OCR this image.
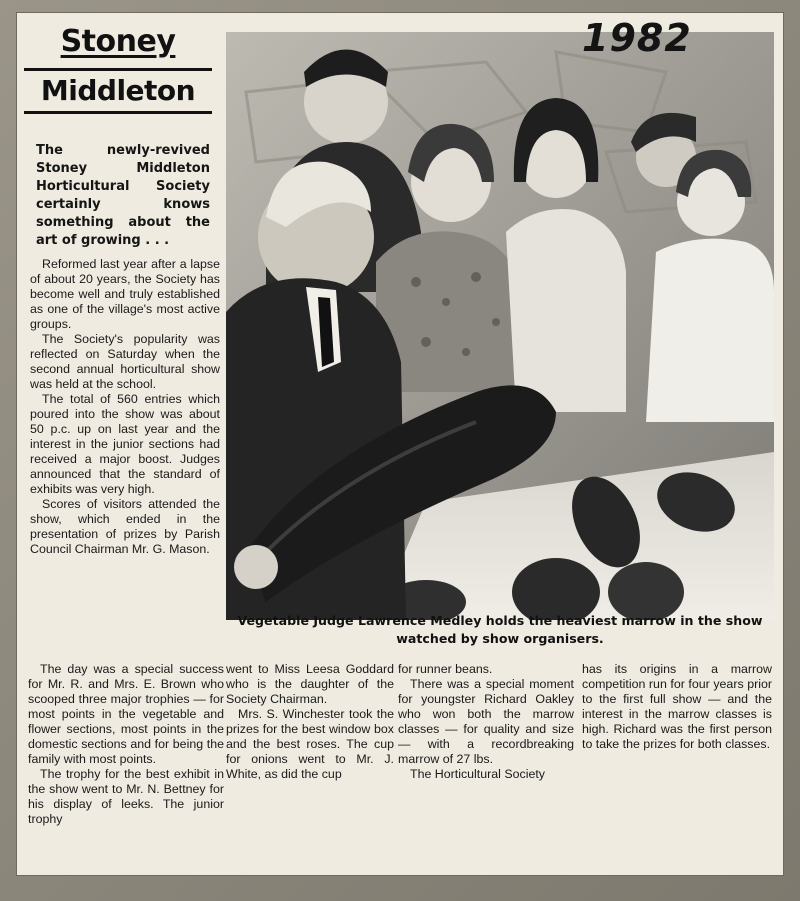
Stoney
Middleton
The newly-revived Stoney Middleton Horticultural Society certainly knows something about the art of growing . . .

Reformed last year after a lapse of about 20 years, the Society has become well and truly established as one of the village's most active groups.

The Society's popularity was reflected on Saturday when the second annual horticultural show was held at the school.

The total of 560 entries which poured into the show was about 50 p.c. up on last year and the interest in the junior sections had received a major boost. Judges announced that the standard of exhibits was very high.

Scores of visitors attended the show, which ended in the presentation of prizes by Parish Council Chairman Mr. G. Mason.

1982
Vegetable Judge Lawrence Medley holds the heaviest marrow in the show watched by show organisers.

The day was a special success for Mr. R. and Mrs. E. Brown who scooped three major trophies — for most points in the vegetable and flower sections, most points in the domestic sections and for being the family with most points.

The trophy for the best exhibit in the show went to Mr. N. Bettney for his display of leeks. The junior trophy

went to Miss Leesa Goddard who is the daughter of the Society Chairman.

Mrs. S. Winchester took the prizes for the best window box and the best roses. The cup for onions went to Mr. J. White, as did the cup

for runner beans.

There was a special moment for youngster Richard Oakley who won both the marrow classes — for quality and size — with a recordbreaking marrow of 27 lbs.

The Horticultural Society

has its origins in a marrow competition run for four years prior to the first full show — and the interest in the marrow classes is high. Richard was the first person to take the prizes for both classes.
